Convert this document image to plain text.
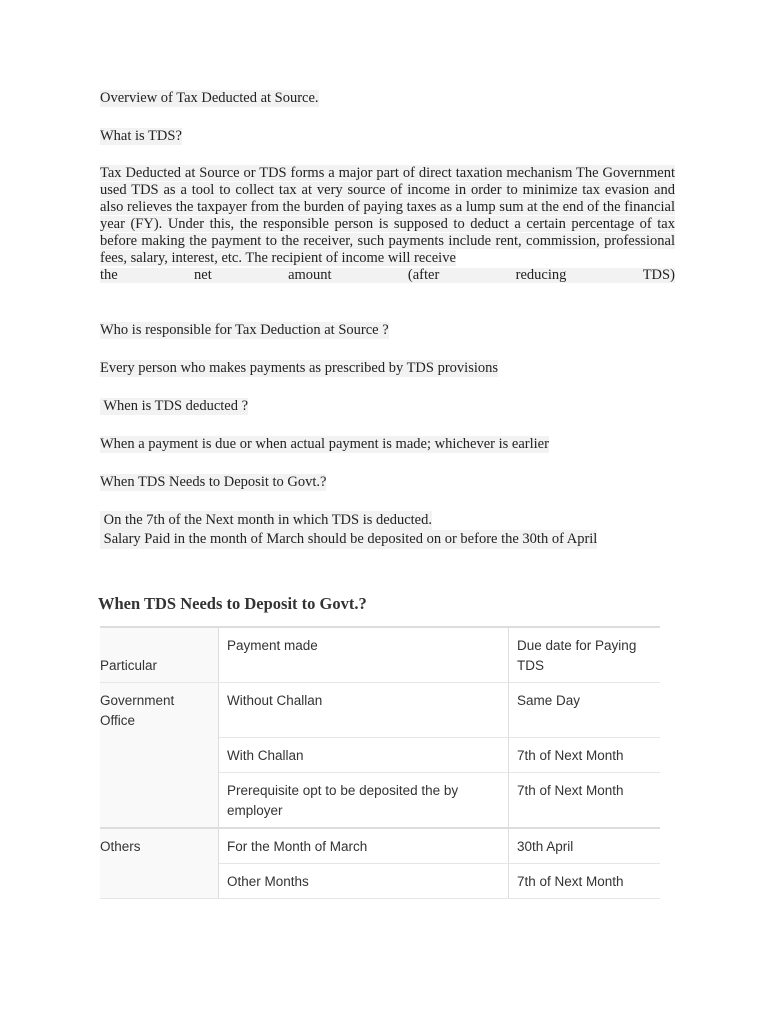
Overview of Tax Deducted at Source.
What is TDS?
Tax Deducted at Source or TDS forms a major part of direct taxation mechanism The Government used TDS as a tool to collect tax at very source of income in order to minimize tax evasion and also relieves the taxpayer from the burden of paying taxes as a lump sum at the end of the financial year (FY). Under this, the responsible person is supposed to deduct a certain percentage of tax before making the payment to the receiver, such payments include rent, commission, professional fees, salary, interest, etc. The recipient of income will receive
the	net	amount	(after	reducing	TDS)
Who is responsible for Tax Deduction at Source ?
Every person who makes payments as prescribed by TDS provisions
When is TDS deducted ?
When a payment is due or when actual payment is made; whichever is earlier
When TDS Needs to Deposit to Govt.?
On the 7th of the Next month in which TDS is deducted.
Salary Paid in the month of March should be deposited on or before the 30th of April
When TDS Needs to Deposit to Govt.?
Particular	Payment made	Due date for Paying TDS
Government Office	Without Challan	Same Day
	With Challan	7th of Next Month
	Prerequisite opt to be deposited the by employer	7th of Next Month
Others	For the Month of March	30th April
	Other Months	7th of Next Month
